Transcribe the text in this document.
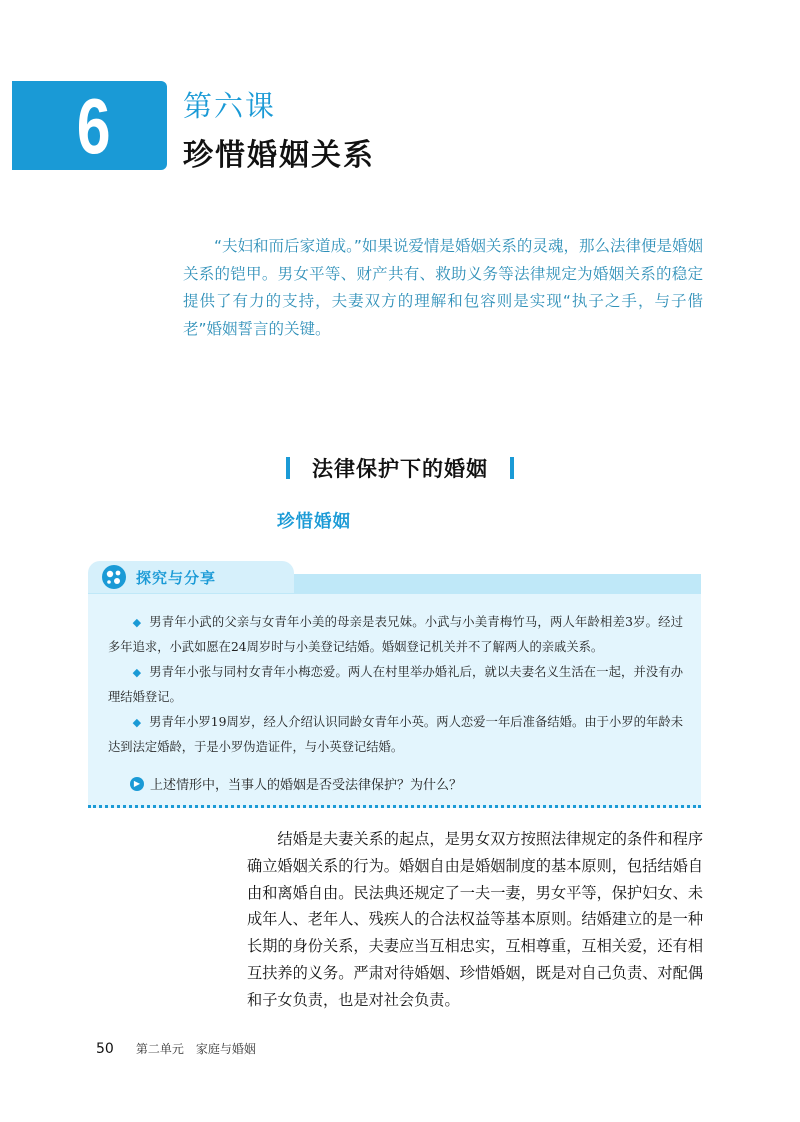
6	第六课
珍惜婚姻关系

“夫妇和而后家道成。”如果说爱情是婚姻关系的灵魂，那么法律便是婚姻关系的铠甲。男女平等、财产共有、救助义务等法律规定为婚姻关系的稳定提供了有力的支持，夫妻双方的理解和包容则是实现“执子之手，与子偕老”婚姻誓言的关键。

法律保护下的婚姻
珍惜婚姻

◆ 男青年小武的父亲与女青年小美的母亲是表兄妹。小武与小美青梅竹马，两人年龄相差3岁。经过多年追求，小武如愿在24周岁时与小美登记结婚。婚姻登记机关并不了解两人的亲戚关系。

◆ 男青年小张与同村女青年小梅恋爱。两人在村里举办婚礼后，就以夫妻名义生活在一起，并没有办理结婚登记。

◆ 男青年小罗19周岁，经人介绍认识同龄女青年小英。两人恋爱一年后准备结婚。由于小罗的年龄未达到法定婚龄，于是小罗伪造证件，与小英登记结婚。

▶ 上述情形中，当事人的婚姻是否受法律保护？为什么？
探究与分享

结婚是夫妻关系的起点，是男女双方按照法律规定的条件和程序确立婚姻关系的行为。婚姻自由是婚姻制度的基本原则，包括结婚自由和离婚自由。民法典还规定了一夫一妻，男女平等，保护妇女、未成年人、老年人、残疾人的合法权益等基本原则。结婚建立的是一种长期的身份关系，夫妻应当互相忠实，互相尊重，互相关爱，还有相互扶养的义务。严肃对待婚姻、珍惜婚姻，既是对自己负责、对配偶和子女负责，也是对社会负责。

50 第二单元　家庭与婚姻
